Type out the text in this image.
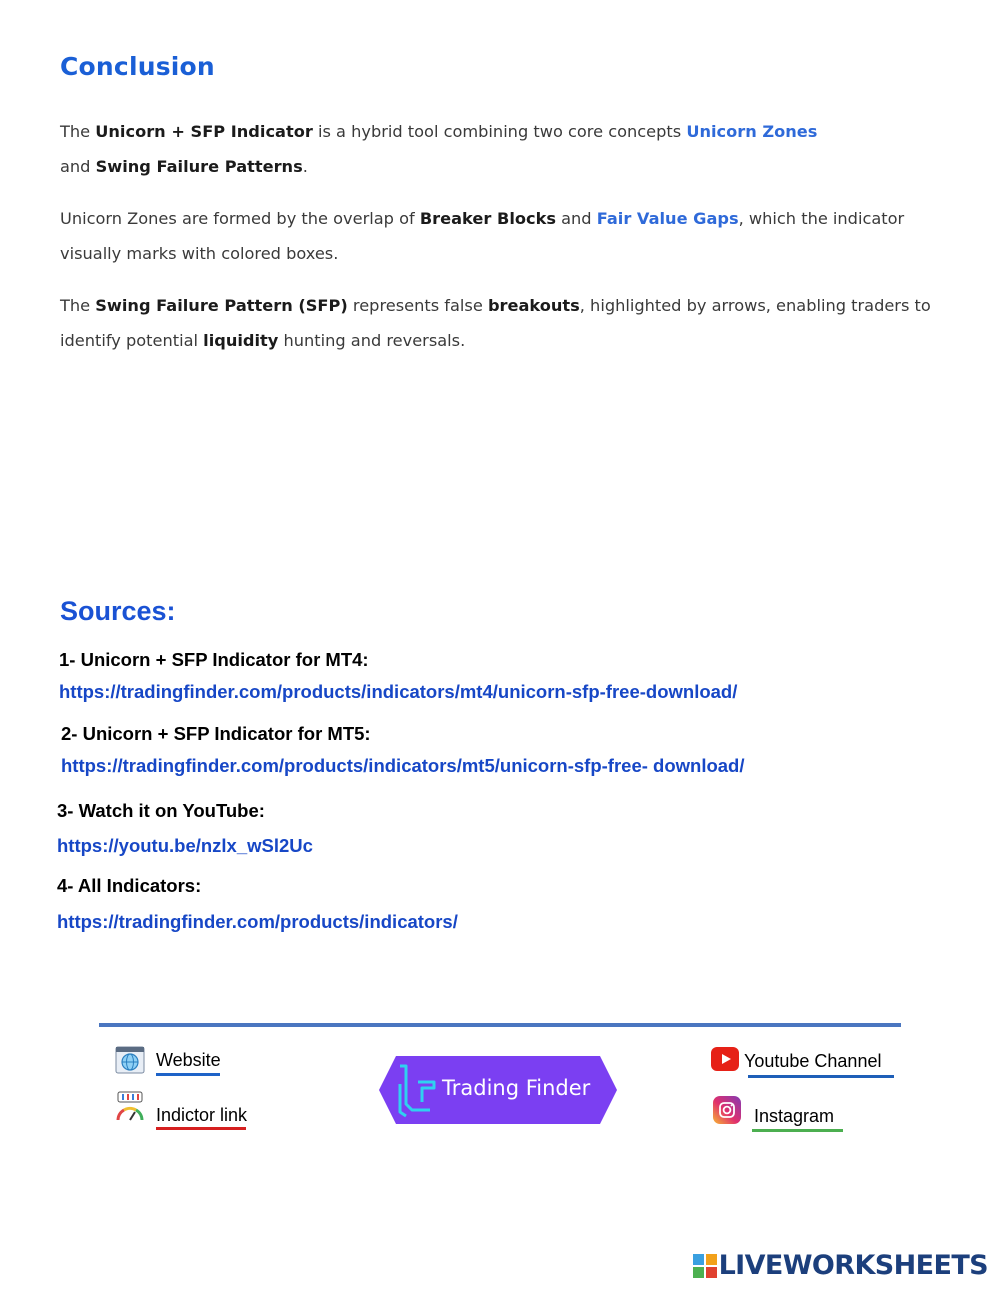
Conclusion

The Unicorn + SFP Indicator is a hybrid tool combining two core concepts Unicorn Zones
and Swing Failure Patterns.

Unicorn Zones are formed by the overlap of Breaker Blocks and Fair Value Gaps, which the indicator visually marks with colored boxes.

The Swing Failure Pattern (SFP) represents false breakouts, highlighted by arrows, enabling traders to identify potential liquidity hunting and reversals.

Sources:

1- Unicorn + SFP Indicator for MT4:

https://tradingfinder.com/products/indicators/mt4/unicorn-sfp-free-download/

2- Unicorn + SFP Indicator for MT5:

https://tradingfinder.com/products/indicators/mt5/unicorn-sfp-free- download/

3- Watch it on YouTube:

https://youtu.be/nzlx_wSl2Uc

4- All Indicators:

https://tradingfinder.com/products/indicators/
Website
Indictor link
Trading Finder
Youtube Channel
Instagram
LIVEWORKSHEETS
